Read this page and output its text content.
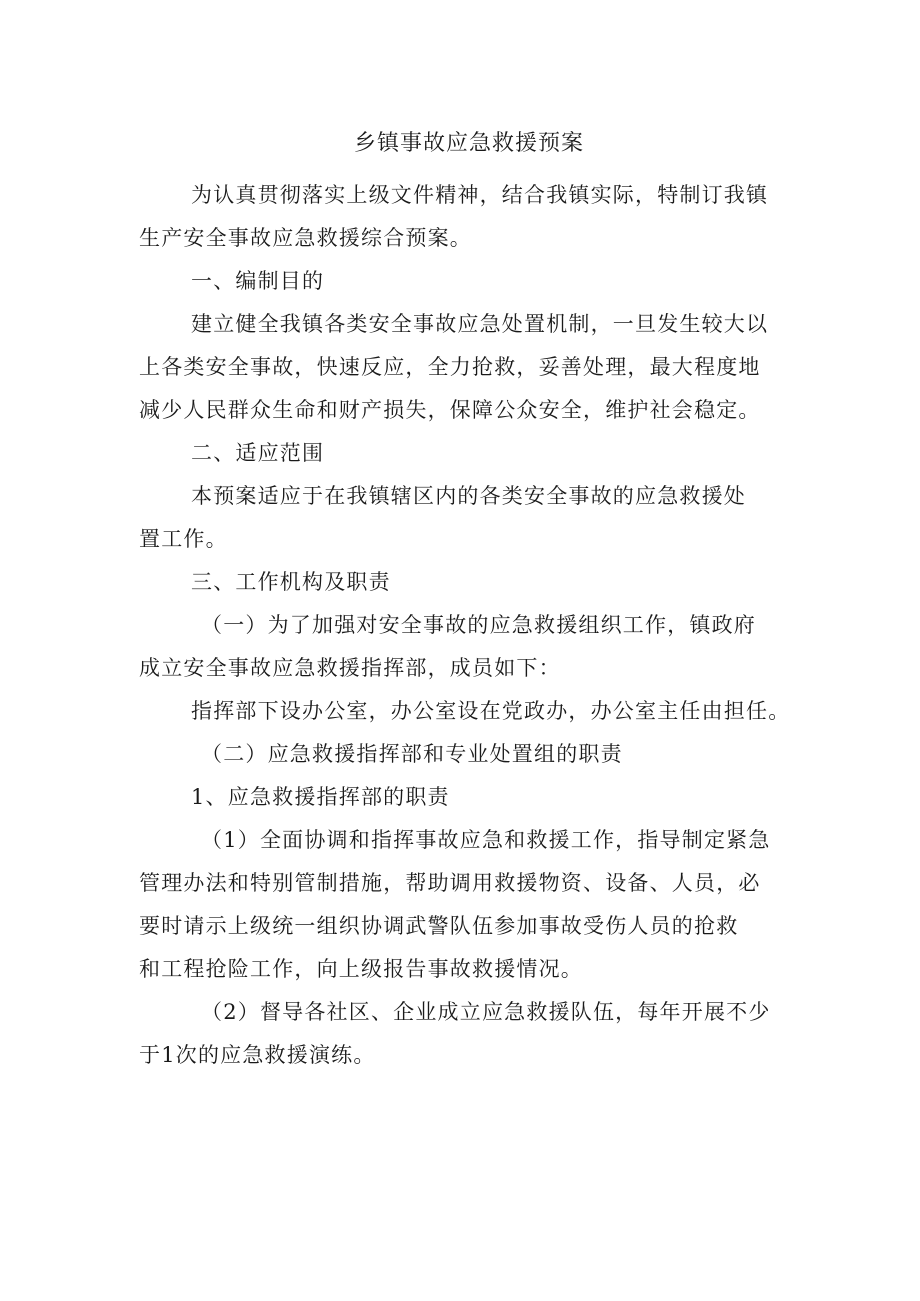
乡镇事故应急救援预案

为认真贯彻落实上级文件精神，结合我镇实际，特制订我镇
生产安全事故应急救援综合预案。

一、编制目的

建立健全我镇各类安全事故应急处置机制，一旦发生较大以
上各类安全事故，快速反应，全力抢救，妥善处理，最大程度地
减少人民群众生命和财产损失，保障公众安全，维护社会稳定。

二、适应范围

本预案适应于在我镇辖区内的各类安全事故的应急救援处
置工作。

三、工作机构及职责

（一）为了加强对安全事故的应急救援组织工作，镇政府
成立安全事故应急救援指挥部，成员如下：

指挥部下设办公室，办公室设在党政办，办公室主任由担任。

（二）应急救援指挥部和专业处置组的职责

1、应急救援指挥部的职责

（1）全面协调和指挥事故应急和救援工作，指导制定紧急
管理办法和特别管制措施，帮助调用救援物资、设备、人员，必
要时请示上级统一组织协调武警队伍参加事故受伤人员的抢救
和工程抢险工作，向上级报告事故救援情况。

（2）督导各社区、企业成立应急救援队伍，每年开展不少
于1次的应急救援演练。
